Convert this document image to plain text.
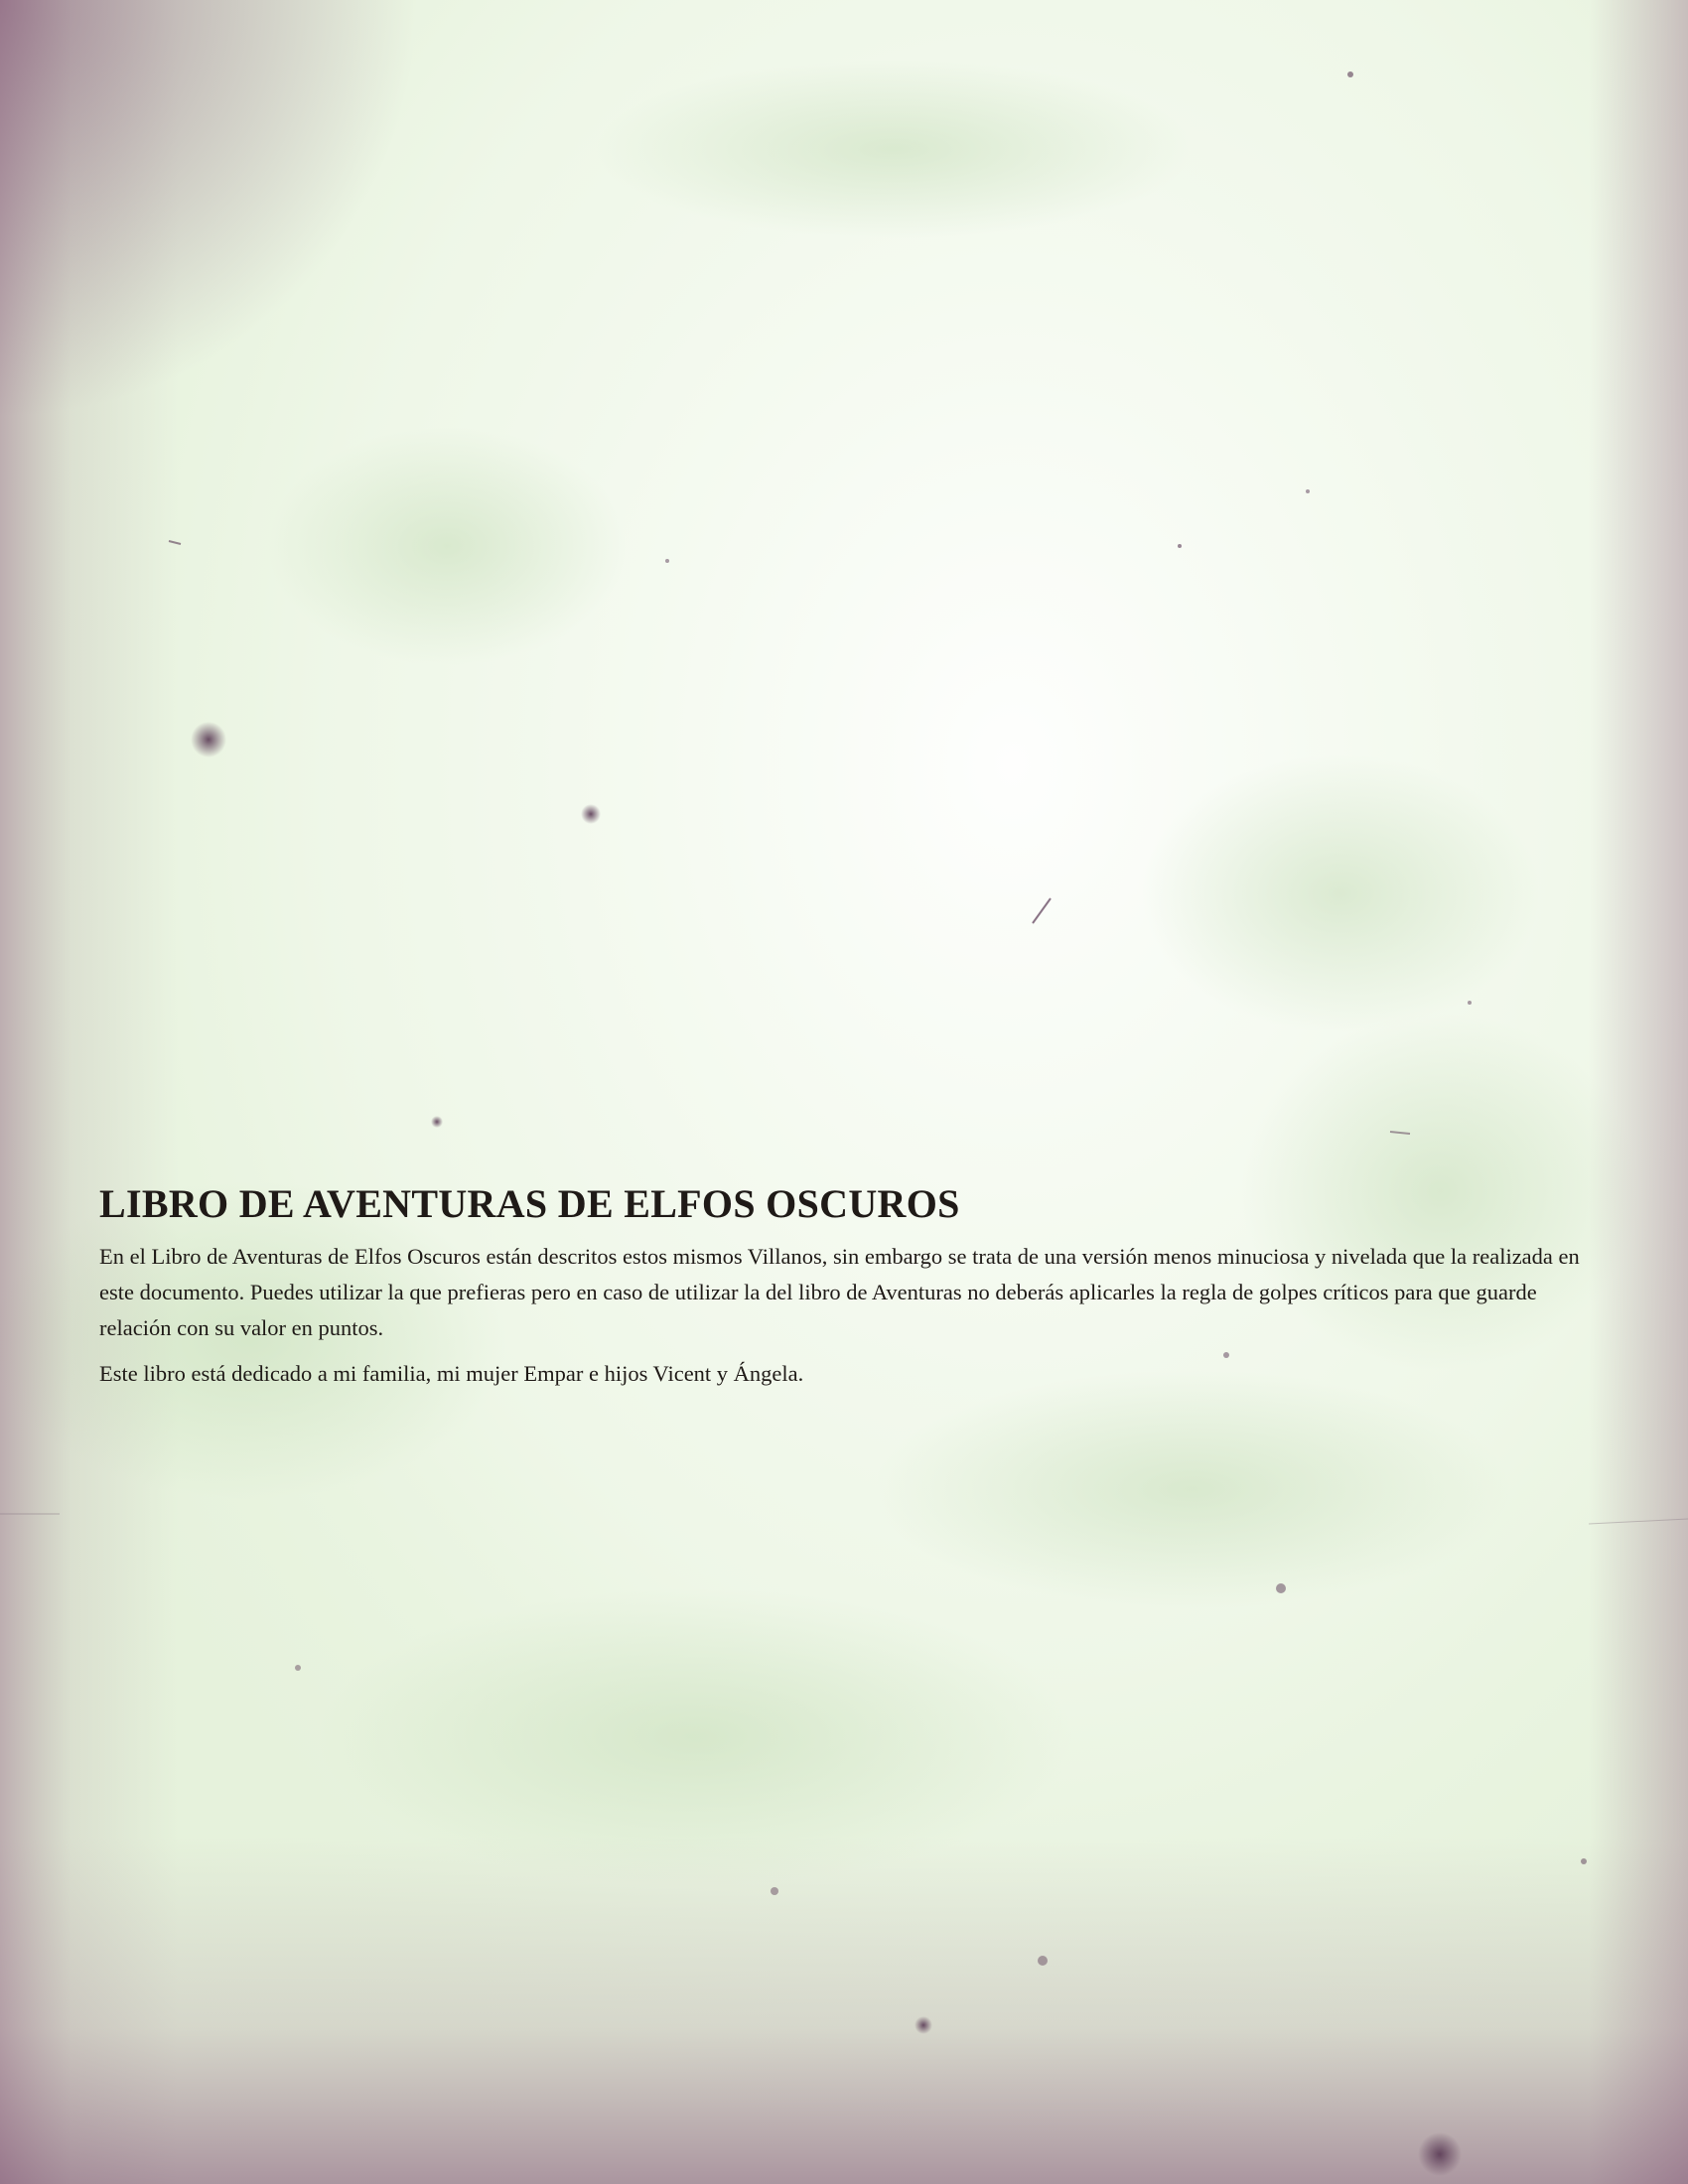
LIBRO DE AVENTURAS DE ELFOS OSCUROS

En el Libro de Aventuras de Elfos Oscuros están descritos estos mismos Villanos, sin embargo se trata de una versión menos minuciosa y nivelada que la realizada en este documento. Puedes utilizar la que prefieras pero en caso de utilizar la del libro de Aventuras no deberás aplicarles la regla de golpes críticos para que guarde relación con su valor en puntos.

Este libro está dedicado a mi familia, mi mujer Empar e hijos Vicent y Ángela.
